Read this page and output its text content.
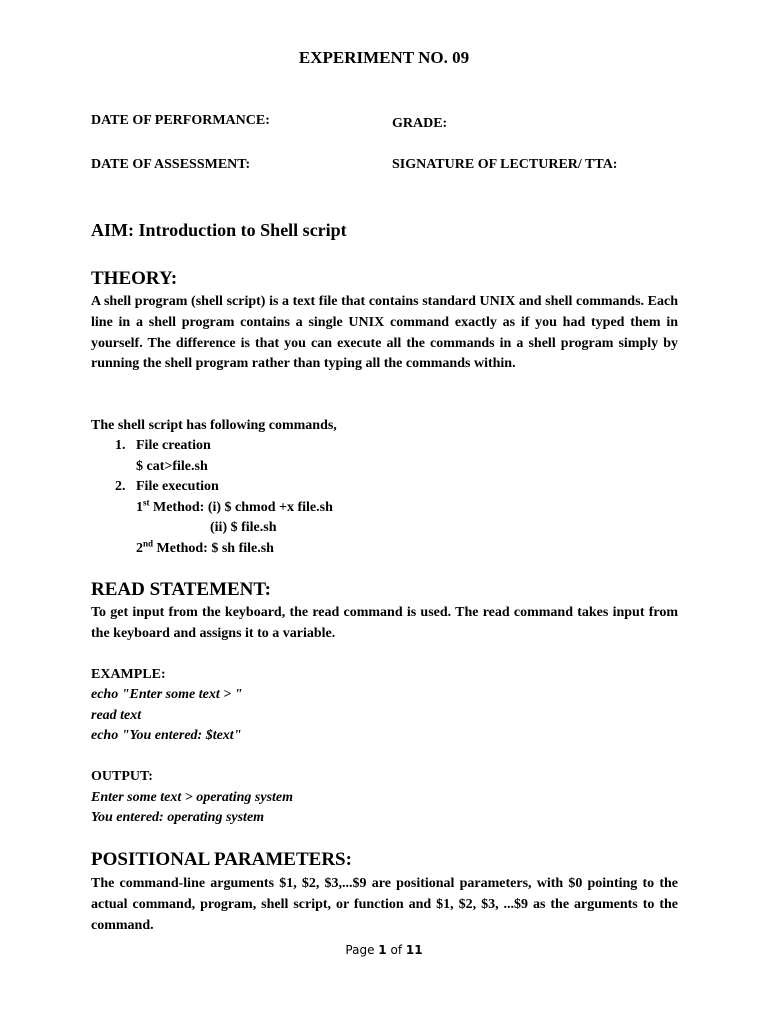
EXPERIMENT NO. 09
DATE OF PERFORMANCE:	GRADE:
DATE OF ASSESSMENT:	SIGNATURE OF LECTURER/ TTA:
AIM: Introduction to Shell script
THEORY:

A shell program (shell script) is a text file that contains standard UNIX and shell commands. Each line in a shell program contains a single UNIX command exactly as if you had typed them in yourself. The difference is that you can execute all the commands in a shell program simply by running the shell program rather than typing all the commands within.

The shell script has following commands,
1. File creation
$ cat>file.sh
2. File execution
1st Method: (i) $ chmod +x file.sh
(ii) $ file.sh
2nd Method: $ sh file.sh
READ STATEMENT:

To get input from the keyboard, the read command is used. The read command takes input from the keyboard and assigns it to a variable.

EXAMPLE:
echo "Enter some text > "
read text
echo "You entered: $text"
OUTPUT:
Enter some text > operating system
You entered: operating system
POSITIONAL PARAMETERS:

The command-line arguments $1, $2, $3,...$9 are positional parameters, with $0 pointing to the actual command, program, shell script, or function and $1, $2, $3, ...$9 as the arguments to the command.

Page 1 of 11
